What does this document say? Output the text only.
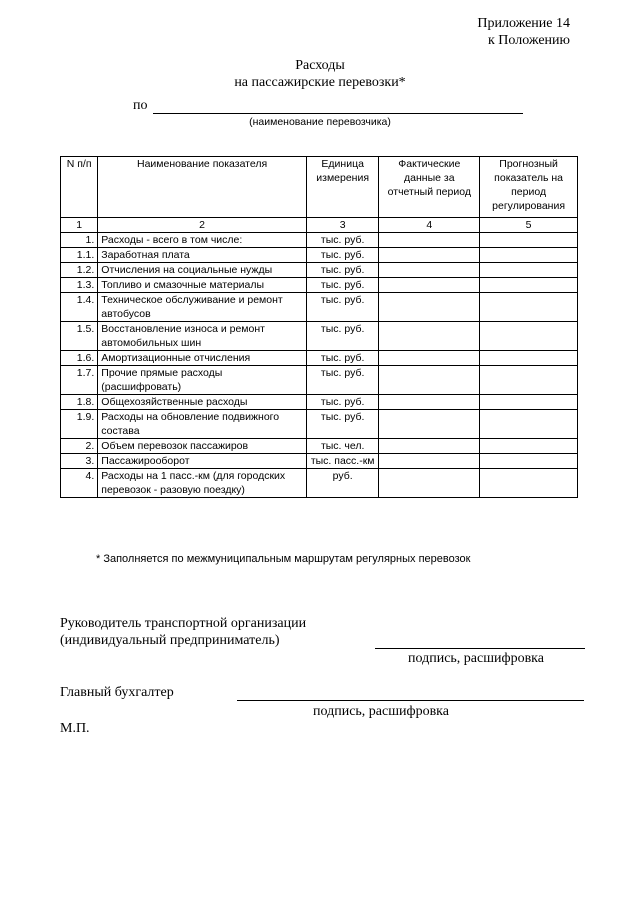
Приложение 14
к Положению
Расходы
на пассажирские перевозки*
по
(наименование перевозчика)
N п/п	Наименование показателя	Единица измерения	Фактические данные за отчетный период	Прогнозный показатель на период регулирования
1	2	3	4	5
1.	Расходы - всего в том числе:	тыс. руб.		
1.1.	Заработная плата	тыс. руб.		
1.2.	Отчисления на социальные нужды	тыс. руб.		
1.3.	Топливо и смазочные материалы	тыс. руб.		
1.4.	Техническое обслуживание и ремонт автобусов	тыс. руб.		
1.5.	Восстановление износа и ремонт автомобильных шин	тыс. руб.		
1.6.	Амортизационные отчисления	тыс. руб.		
1.7.	Прочие прямые расходы (расшифровать)	тыс. руб.		
1.8.	Общехозяйственные расходы	тыс. руб.		
1.9.	Расходы на обновление подвижного состава	тыс. руб.		
2.	Объем перевозок пассажиров	тыс. чел.		
3.	Пассажирооборот	тыс. пасс.-км		
4.	Расходы на 1 пасс.-км (для городских перевозок - разовую поездку)	руб.		
* Заполняется по межмуниципальным маршрутам регулярных перевозок
Руководитель транспортной организации
(индивидуальный предприниматель)
подпись, расшифровка
Главный бухгалтер
подпись, расшифровка
М.П.
